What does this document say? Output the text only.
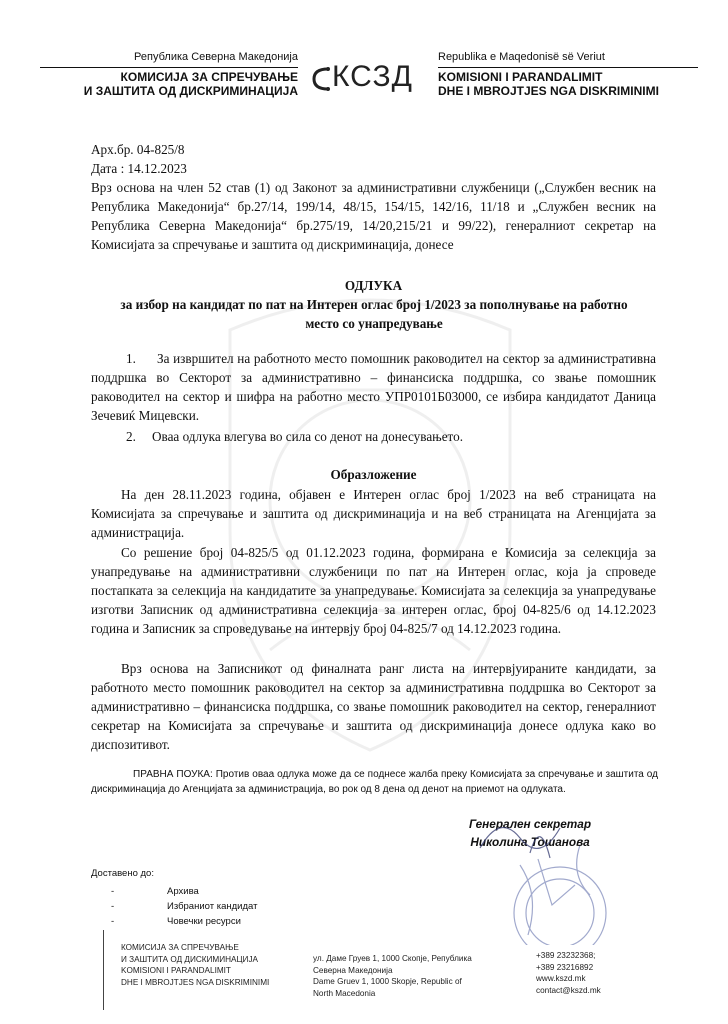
Република Северна Македонија
КОМИСИЈА ЗА СПРЕЧУВАЊЕ
И ЗАШТИТА ОД ДИСКРИМИНАЦИЈА КСЗД
Republika e Maqedonisë së Veriut
KOMISIONI I PARANDALIMIT
DHE I MBROJTJES NGA DISKRIMINIMI
Арх.бр. 04-825/8
Дата : 14.12.2023
Врз основа на член 52 став (1) од Законот за административни службеници („Службен весник на Република Македонија“ бр.27/14, 199/14, 48/15, 154/15, 142/16, 11/18 и „Службен весник на Република Северна Македонија“ бр.275/19, 14/20,215/21 и 99/22), генералниот секретар на Комисијата за спречување и заштита од дискриминација, донесе
ОДЛУКА
за избор на кандидат по пат на Интерен оглас број 1/2023 за пополнување на работно место со унапредување
1.	За извршител на работното место помошник раководител на сектор за административна поддршка во Секторот за административно – финансиска поддршка, со звање помошник раководител на сектор и шифра на работно место УПР0101Б03000, се избира кандидатот Даница Зечевиќ Мицевски.
2.	Оваа одлука влегува во сила со денот на донесувањето.
Образложение
На ден 28.11.2023 година, објавен е Интерен оглас број 1/2023 на веб страницата на Комисијата за спречување и заштита од дискриминација и на веб страницата на Агенцијата за администрација.
Со решение број 04-825/5 од 01.12.2023 година, формирана е Комисија за селекција за унапредување на административни службеници по пат на Интерен оглас, која ја спроведе постапката за селекција на кандидатите за унапредување. Комисијата за селекција за унапредување изготви Записник од административна селекција за интерен оглас, број 04-825/6 од 14.12.2023 година и Записник за спроведување на интервју број 04-825/7 од 14.12.2023 година.
Врз основа на Записникот од финалната ранг листа на интервјуираните кандидати, за работното место помошник раководител на сектор за административна поддршка во Секторот за административно – финансиска поддршка, со звање помошник раководител на сектор, генералниот секретар на Комисијата за спречување и заштита од дискриминација донесе одлука како во диспозитивот.
ПРАВНА ПОУКА: Против оваа одлука може да се поднесе жалба преку Комисијата за спречување и заштита од дискриминација до Агенцијата за администрација, во рок од 8 дена од денот на приемот на одлуката.
Генерален секретар
Николина Тошанова
Доставено до:
-	Архива
-	Избраниот кандидат
-	Човечки ресурси
КОМИСИЈА ЗА СПРЕЧУВАЊЕ
И ЗАШТИТА ОД ДИСКИМИНАЦИЈА
KOMISIONI I PARANDALIMIT
DHE I MBROJTJES NGA DISKRIMINIMI
ул. Даме Груев 1, 1000 Скопје, Република
Северна Македонија
Dame Gruev 1, 1000 Skopje, Republic of
North Macedonia
+389 23232368;
+389 23216892
www.kszd.mk
contact@kszd.mk
